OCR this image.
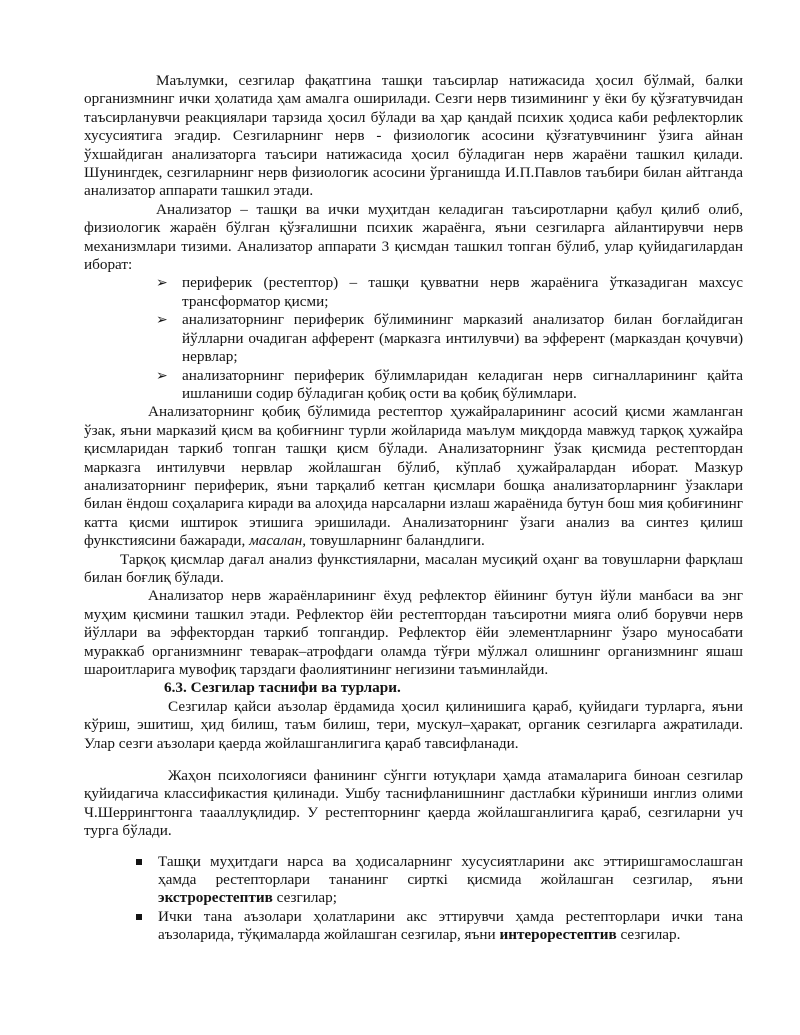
Маълумки, сезгилар фақатгина ташқи таъсирлар натижасида ҳосил бўлмай, балки организмнинг ички ҳолатида ҳам амалга оширилади. Сезги нерв тизимининг у ёки бу қўзғатувчидан таъсирланувчи реакциялари тарзида ҳосил бўлади ва ҳар қандай психик ҳодиса каби рефлекторлик хусусиятига эгадир. Сезгиларнинг нерв - физиологик асосини қўзғатувчининг ўзига айнан ўхшайдиган анализаторга таъсири натижасида ҳосил бўладиган нерв жараёни ташкил қилади. Шунингдек, сезгиларнинг нерв физиологик асосини ўрганишда И.П.Павлов таъбири билан айтганда анализатор аппарати ташкил этади.

Анализатор – ташқи ва ички муҳитдан келадиган таъсиротларни қабул қилиб олиб, физиологик жараён бўлган қўзғалишни психик жараёнга, яъни сезгиларга айлантирувчи нерв механизмлари тизими. Анализатор аппарати 3 қисмдан ташкил топган бўлиб, улар қуйидагилардан иборат:

➢ периферик (рестептор) – ташқи қувватни нерв жараёнига ўтказадиган махсус трансформатор қисми;
➢ анализаторнинг периферик бўлимининг марказий анализатор билан боғлайдиган йўлларни очадиган афферент (марказга интилувчи) ва эфферент (марказдан қочувчи) нервлар;
➢ анализаторнинг периферик бўлимларидан келадиган нерв сигналларининг қайта ишланиши содир бўладиган қобиқ ости ва қобиқ бўлимлари.

Анализаторнинг қобиқ бўлимида рестептор ҳужайраларининг асосий қисми жамланган ўзак, яъни марказий қисм ва қобиғнинг турли жойларида маълум миқдорда мавжуд тарқоқ ҳужайра қисмларидан таркиб топган ташқи қисм бўлади. Анализаторнинг ўзак қисмида рестептордан марказга интилувчи нервлар жойлашган бўлиб, кўплаб ҳужайралардан иборат. Мазкур анализаторнинг периферик, яъни тарқалиб кетган қисмлари бошқа анализаторларнинг ўзаклари билан ёндош соҳаларига киради ва алоҳида нарсаларни излаш жараёнида бутун бош мия қобиғининг катта қисми иштирок этишига эришилади. Анализаторнинг ўзаги анализ ва синтез қилиш функстиясини бажаради, масалан, товушларнинг баландлиги.

Тарқоқ қисмлар дағал анализ функстияларни, масалан мусиқий оҳанг ва товушларни фарқлаш билан боғлиқ бўлади.

Анализатор нерв жараёнларининг ёхуд рефлектор ёйининг бутун йўли манбаси ва энг муҳим қисмини ташкил этади. Рефлектор ёйи рестептордан таъсиротни мияга олиб борувчи нерв йўллари ва эффектордан таркиб топгандир. Рефлектор ёйи элементларнинг ўзаро муносабати мураккаб организмнинг теварак–атрофдаги оламда тўғри мўлжал олишнинг организмнинг яшаш шароитларига мувофиқ тарздаги фаолиятининг негизини таъминлайди.

6.3. Сезгилар таснифи ва турлари.

Сезгилар қайси аъзолар ёрдамида ҳосил қилинишига қараб, қуйидаги турларга, яъни кўриш, эшитиш, ҳид билиш, таъм билиш, тери, мускул–ҳаракат, органик сезгиларга ажратилади. Улар сезги аъзолари қаерда жойлашганлигига қараб тавсифланади.

Жаҳон психологияси фанининг сўнгги ютуқлари ҳамда атамаларига биноан сезгилар қуйидагича классификастия қилинади. Ушбу таснифланишнинг дастлабки кўриниши инглиз олими Ч.Шеррингтонга таааллуқлидир. У рестепторнинг қаерда жойлашганлигига қараб, сезгиларни уч турга бўлади.

Ташқи муҳитдаги нарса ва ҳодисаларнинг хусусиятларини акс эттиришгамослашган ҳамда рестепторлари тананинг сирткі қисмида жойлашган сезгилар, яъни экстрорестептив сезгилар;
Ички тана аъзолари ҳолатларини акс эттирувчи ҳамда рестепторлари ички тана аъзоларида, тўқималарда жойлашган сезгилар, яъни интерорестептив сезгилар.
